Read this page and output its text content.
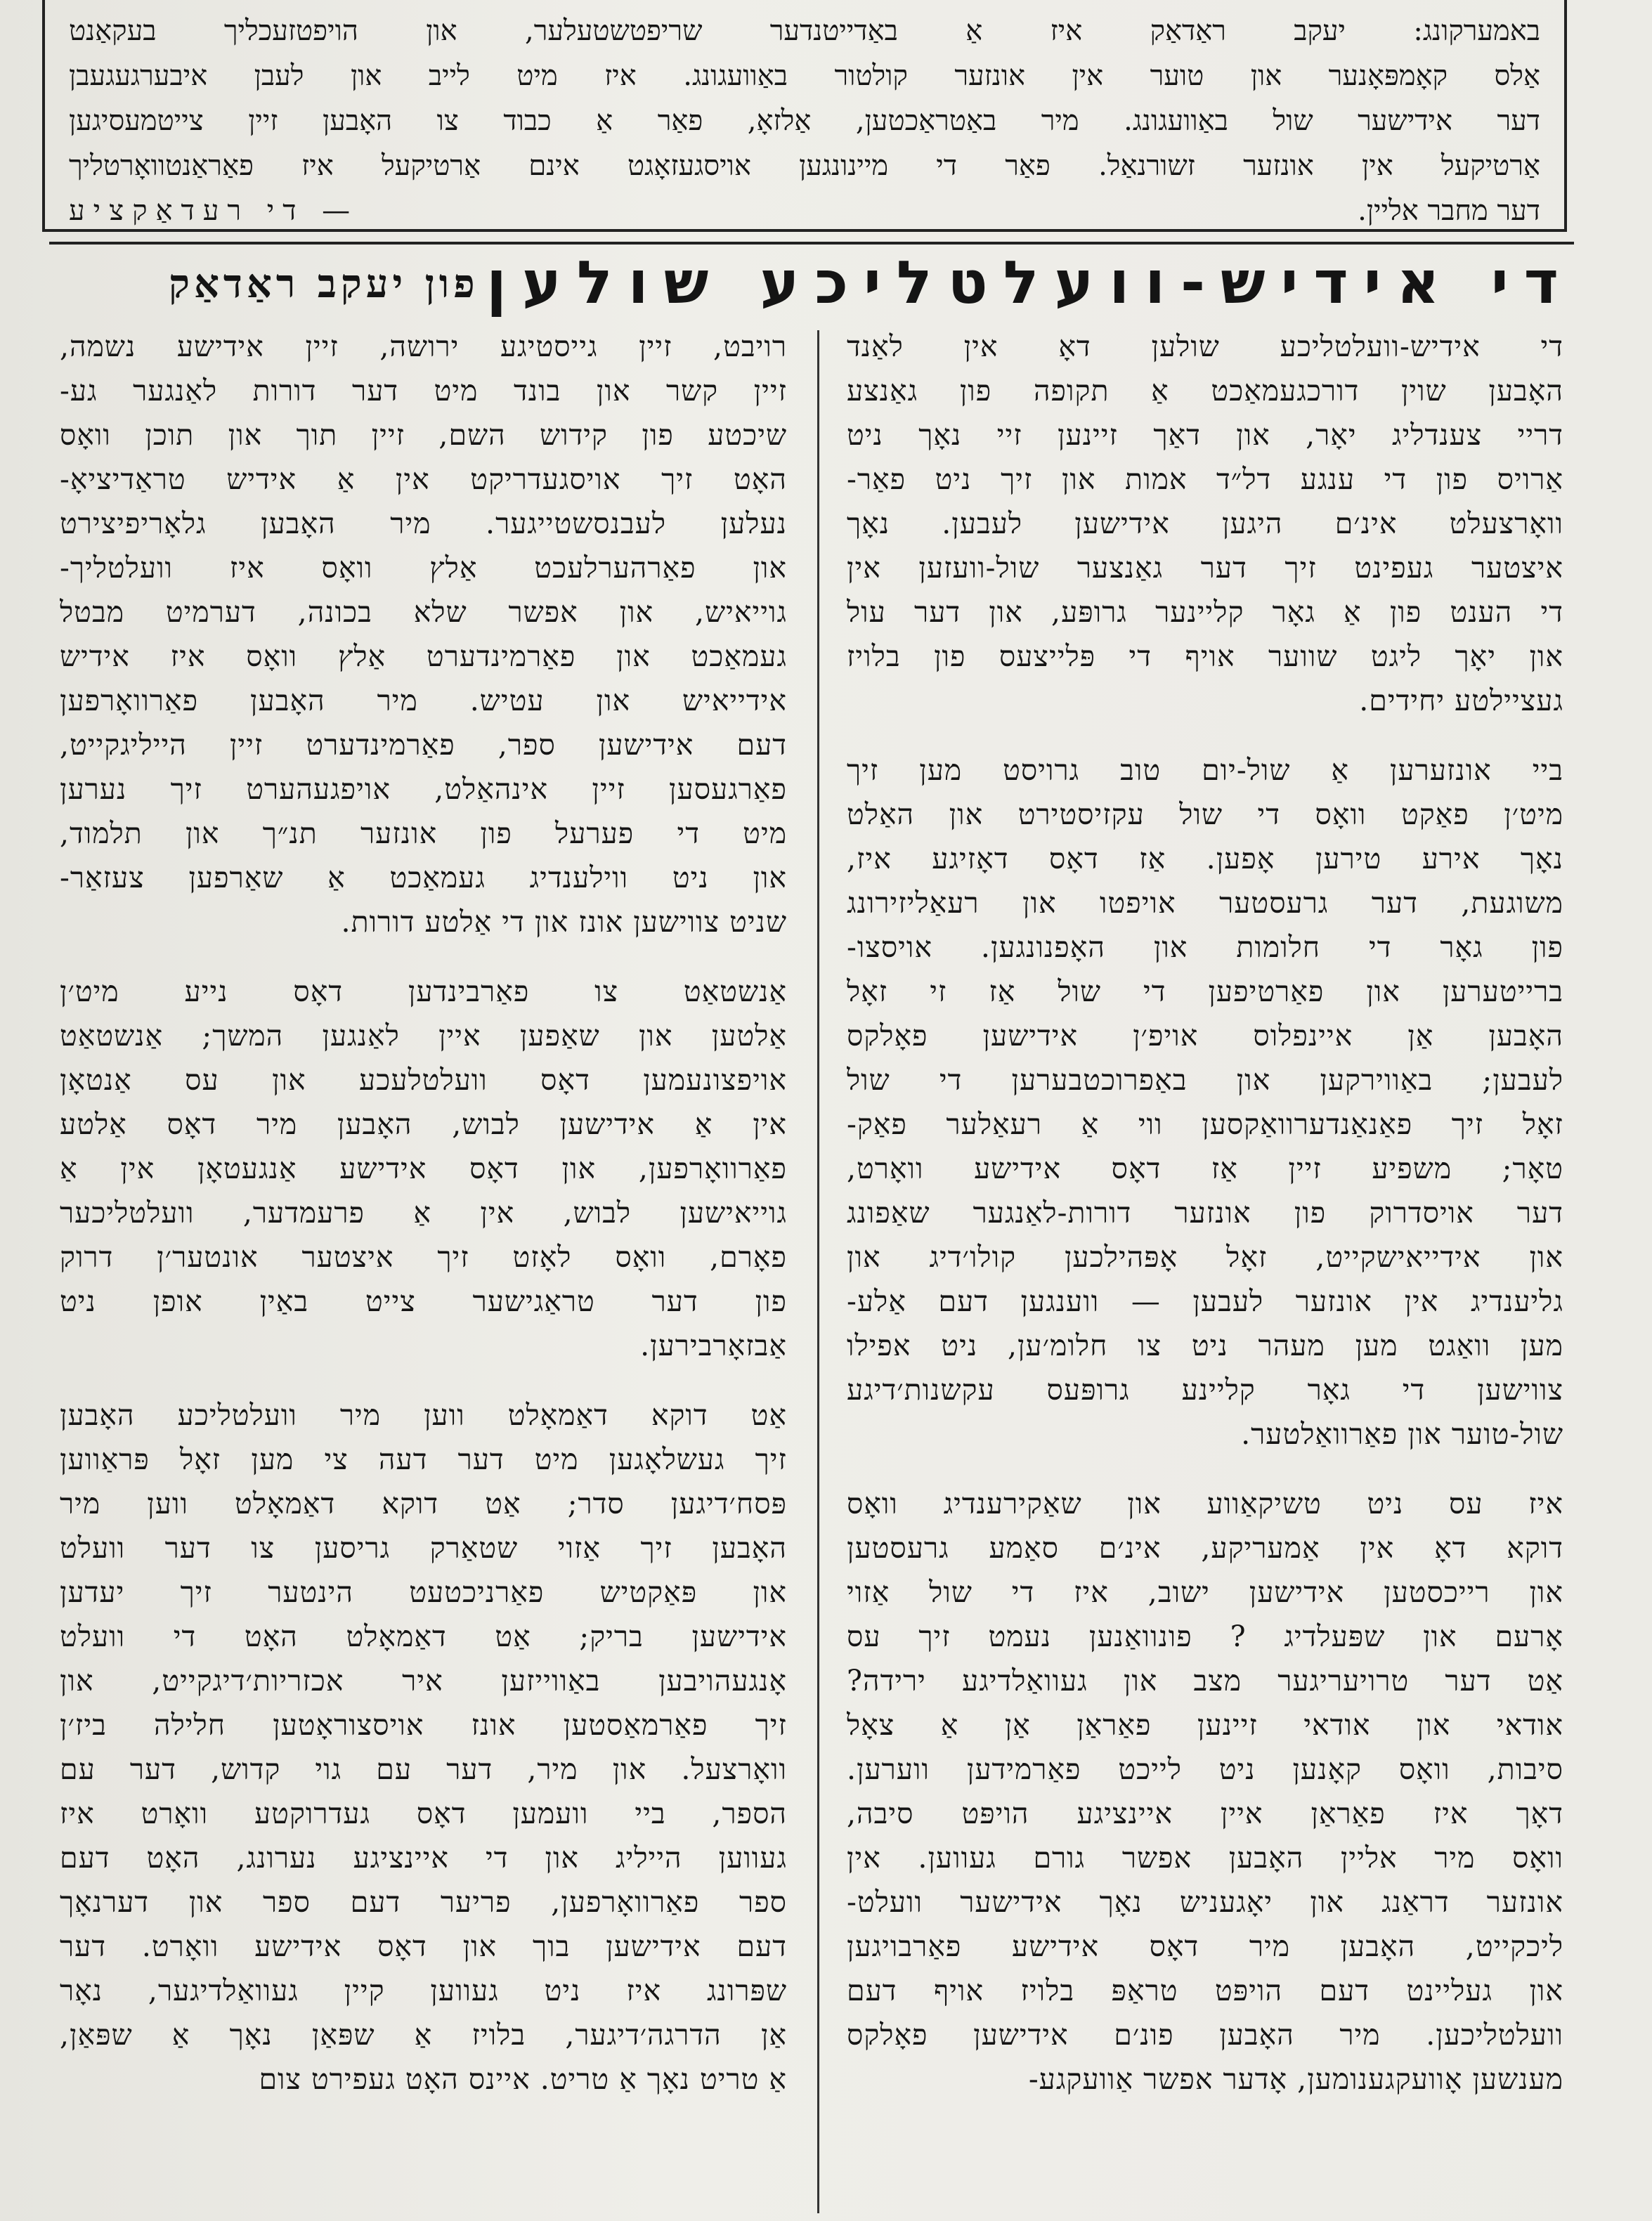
באמערקונג: יעקב ראַדאַק איז אַ באַדייטנדער שריפטשטעלער, און הויפטזעכליך בעקאַנט

אַלס קאָמפּאָנער און טוער אין אונזער קולטור באַוועגונג. איז מיט לייב און לעבן איבערגעגעבן

דער אידישער שול באַוועגונג. מיר באַטראַכטען, אַלזאָ, פאַר אַ כבוד צו האָבען זיין צייטמעסיגען

אַרטיקעל אין אונזער זשורנאַל. פאַר די מיינונגען אויסגעזאָגט אינם אַרטיקעל איז פאַראַנטוואָרטליך

דער מחבר אליין.
— די רעדאַקציע

די אידיש-וועלטליכע שולען
פון יעקב ראַדאַק
די אידיש-וועלטליכע שולען דאָ אין לאַנד
האָבען שוין דורכגעמאַכט אַ תקופה פון גאַנצע
דריי צענדליג יאָר, און דאַך זיינען זיי נאָך ניט
אַרויס פון די ענגע דל״ד אמות און זיך ניט פאַר-
וואָרצעלט אינ׳ם היגען אידישען לעבען. נאָך
איצטער געפינט זיך דער גאַנצער שול-וועזען אין
די הענט פון אַ גאָר קליינער גרופּע, און דער עול
און יאָך ליגט שווער אויף די פּלייצעס פון בלויז
געציילטע יחידים.
ביי אונזערען אַ שול-יום טוב גרויסט מען זיך
מיט׳ן פאַקט וואָס די שול עקזיסטירט און האַלט
נאָך אירע טירען אָפען. אַז דאָס דאָזיגע איז,
משוגעת, דער גרעסטער אויפטו און רעאַליזירונג
פון גאָר די חלומות און האָפנונגען. אויסצו-
ברייטערען און פאַרטיפען די שול אַז זי זאָל
האָבען אַן איינפלוס אויפ׳ן אידישען פאָלקס
לעבען; באַווירקען און באַפרוכטבערען די שול
זאָל זיך פאַנאַנדערוואַקסען ווי אַ רעאַלער פאַק-
טאָר; משפיע זיין אַז דאָס אידישע וואָרט,
דער אויסדרוק פון אונזער דורות-לאַנגער שאַפונג
און אידייאישקייט, זאָל אָפּהילכען קולו׳דיג און
גליענדיג אין אונזער לעבען — ווענגען דעם אַלע-
מען וואַגט מען מעהר ניט צו חלומ׳ען, ניט אפילו
צווישען די גאָר קליינע גרופּעס עקשנות׳דיגע
שול-טוער און פאַרוואַלטער.
איז עס ניט טשיקאַווע און שאַקירענדיג וואָס
דוקא דאָ אין אַמעריקע, אינ׳ם סאַמע גרעסטען
און רייכסטען אידישען ישוב, איז די שול אַזוי
אָרעם און שפּעלדיג ? פונוואַנען נעמט זיך עס
אַט דער טרויעריגער מצב און געוואַלדיגע ירידה?
אודאי און אודאי זיינען פאַראַן אַן אַ צאָל
סיבות, וואָס קאָנען ניט לייכט פאַרמידען ווערען.
דאָך איז פאַראַן איין איינציגע הויפּט סיבה,
וואָס מיר אליין האָבען אפשר גורם געווען. אין
אונזער דראַנג און יאָגעניש נאָך אידישער וועלט-
ליכקייט, האָבען מיר דאָס אידישע פאַרבויגען
און געליינט דעם הויפּט טראַפּ בלויז אויף דעם
וועלטליכען. מיר האָבען פונ׳ם אידישען פאָלקס
מענשען אָוועקגענומען, אָדער אפשר אַוועקגע-
רויבט, זיין גייסטיגע ירושה, זיין אידישע נשמה,
זיין קשר און בונד מיט דער דורות לאַנגער גע-
שיכטע פון קידוש השם, זיין תוך און תוכן וואָס
האָט זיך אויסגעדריקט אין אַ אידיש טראַדיציאָ-
נעלען לעבנסשטייגער. מיר האָבען גלאָריפיצירט
און פאַרהערלעכט אַלץ וואָס איז וועלטליך-
גוייאיש, און אפשר שלא בכונה, דערמיט מבטל
געמאַכט און פאַרמינדערט אַלץ וואָס איז אידיש
אידייאיש און עטיש. מיר האָבען פאַרוואָרפען
דעם אידישען ספר, פאַרמינדערט זיין הייליגקייט,
פאַרגעסען זיין אינהאַלט, אויפגעהערט זיך נערען
מיט די פערעל פון אונזער תנ״ך און תלמוד,
און ניט ווילענדיג געמאַכט אַ שאַרפען צעזאַר-
שניט צווישען אונז און די אַלטע דורות.
אַנשטאַט צו פאַרבינדען דאָס נייע מיט׳ן
אַלטען און שאַפען איין לאַנגען המשך; אַנשטאַט
אויפצונעמען דאָס וועלטלעכע און עס אַנטאָן
אין אַ אידישען לבוש, האָבען מיר דאָס אַלטע
פאַרוואָרפען, און דאָס אידישע אַנגעטאָן אין אַ
גוייאישען לבוש, אין אַ פרעמדער, וועלטליכער
פאָרם, וואָס לאָזט זיך איצטער אונטער׳ן דרוק
פון דער טראַגישער צייט באַין אופן ניט
אַבזאָרבירען.
אַט דוקא דאַמאָלט ווען מיר וועלטליכע האָבען
זיך געשלאָגען מיט דער דעה צי מען זאָל פּראַווען
פּסח׳דיגען סדר; אַט דוקא דאַמאָלט ווען מיר
האָבען זיך אַזוי שטאַרק גריסען צו דער וועלט
און פּאַקטיש פאַרניכטעט הינטער זיך יעדען
אידישען בריק; אַט דאַמאָלט האָט די וועלט
אָנגעהויבען באַווייזען איר אכזריות׳דיגקייט, און
זיך פאַרמאַסטען אונז אויסצוראָטען חלילה ביז׳ן
וואָרצעל. און מיר, דער עם גוי קדוש, דער עם
הספר, ביי וועמען דאָס געדרוקטע וואָרט איז
געווען הייליג און די איינציגע נערונג, האָט דעם
ספר פאַרוואָרפען, פריער דעם ספר און דערנאָך
דעם אידישען בוך און דאָס אידישע וואָרט. דער
שפּרונג איז ניט געווען קיין געוואַלדיגער, נאָר
אַן הדרגה׳דיגער, בלויז אַ שפּאַן נאָך אַ שפּאַן,
אַ טריט נאָך אַ טריט. איינס האָט געפירט צום
